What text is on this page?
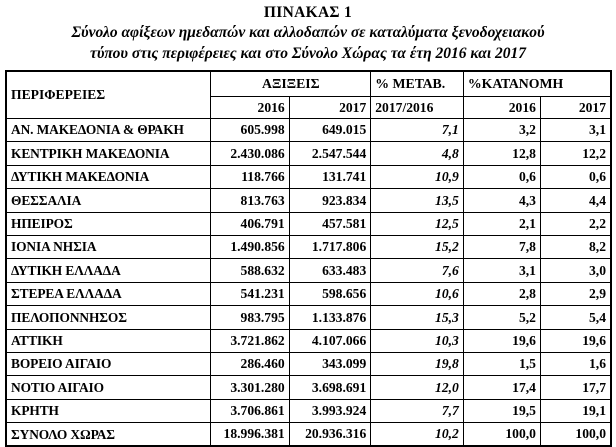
ΠΙΝΑΚΑΣ 1
Σύνολο αφίξεων ημεδαπών και αλλοδαπών σε καταλύματα ξενοδοχειακού
τύπου στις περιφέρειες και στο Σύνολο Χώρας τα έτη 2016 και 2017
ΠΕΡΙΦΕΡΕΙΕΣ	ΑΞΙΞΕΙΣ		% ΜΕΤΑΒ.	%ΚΑΤΑΝΟΜΗ	
	2016	2017	2017/2016	2016	2017
ΑΝ. ΜΑΚΕΔΟΝΙΑ & ΘΡΑΚΗ	605.998	649.015	7,1	3,2	3,1
ΚΕΝΤΡΙΚΗ ΜΑΚΕΔΟΝΙΑ	2.430.086	2.547.544	4,8	12,8	12,2
ΔΥΤΙΚΗ ΜΑΚΕΔΟΝΙΑ	118.766	131.741	10,9	0,6	0,6
ΘΕΣΣΑΛΙΑ	813.763	923.834	13,5	4,3	4,4
ΗΠΕΙΡΟΣ	406.791	457.581	12,5	2,1	2,2
ΙΟΝΙΑ ΝΗΣΙΑ	1.490.856	1.717.806	15,2	7,8	8,2
ΔΥΤΙΚΗ ΕΛΛΑΔΑ	588.632	633.483	7,6	3,1	3,0
ΣΤΕΡΕΑ ΕΛΛΑΔΑ	541.231	598.656	10,6	2,8	2,9
ΠΕΛΟΠΟΝΝΗΣΟΣ	983.795	1.133.876	15,3	5,2	5,4
ΑΤΤΙΚΗ	3.721.862	4.107.066	10,3	19,6	19,6
ΒΟΡΕΙΟ ΑΙΓΑΙΟ	286.460	343.099	19,8	1,5	1,6
ΝΟΤΙΟ ΑΙΓΑΙΟ	3.301.280	3.698.691	12,0	17,4	17,7
ΚΡΗΤΗ	3.706.861	3.993.924	7,7	19,5	19,1
ΣΥΝΟΛΟ ΧΩΡΑΣ	18.996.381	20.936.316	10,2	100,0	100,0
